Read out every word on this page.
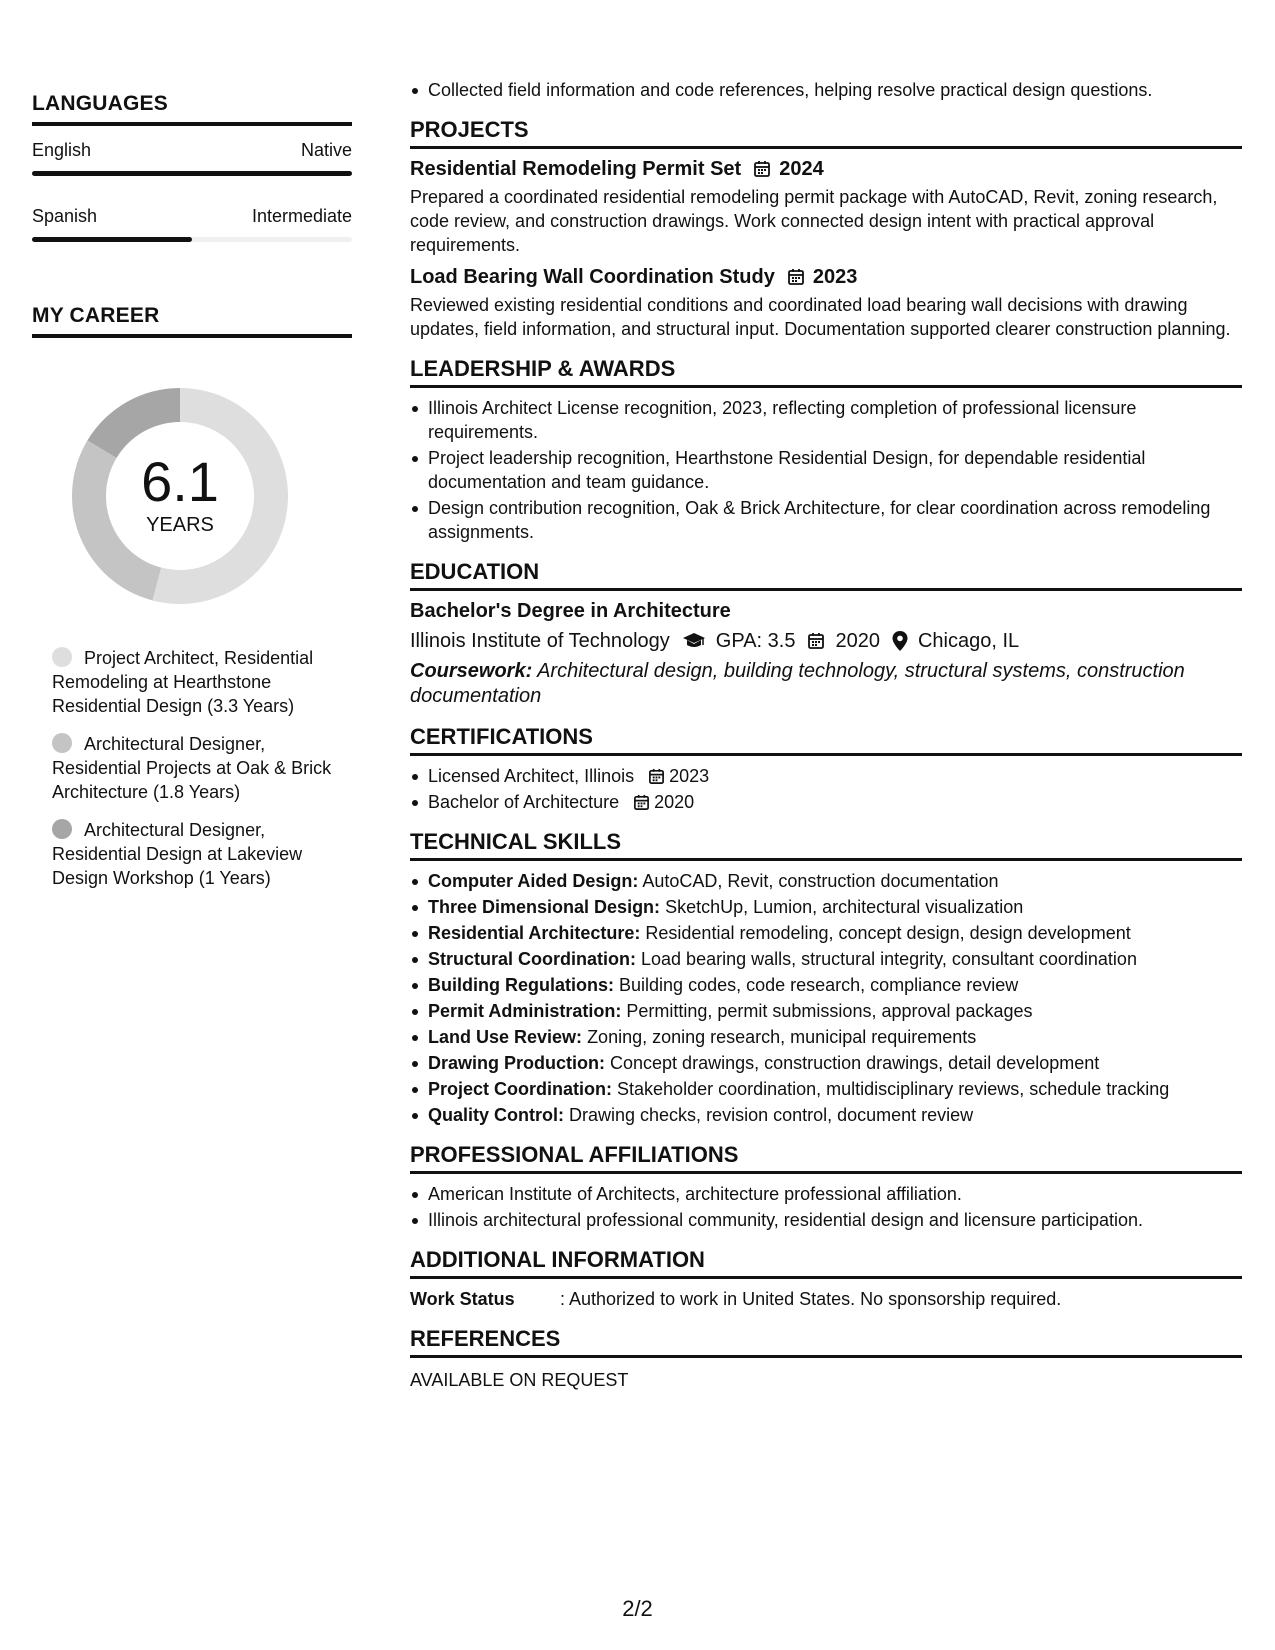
LANGUAGES
English	Native
Spanish	Intermediate
MY CAREER
6.1
YEARS
Project Architect, Residential Remodeling at Hearthstone Residential Design (3.3 Years)
Architectural Designer, Residential Projects at Oak & Brick Architecture (1.8 Years)
Architectural Designer, Residential Design at Lakeview Design Workshop (1 Years)
Collected field information and code references, helping resolve practical design questions.
PROJECTS
Residential Remodeling Permit Set 2024
Prepared a coordinated residential remodeling permit package with AutoCAD, Revit, zoning research, code review, and construction drawings. Work connected design intent with practical approval requirements.
Load Bearing Wall Coordination Study 2023
Reviewed existing residential conditions and coordinated load bearing wall decisions with drawing updates, field information, and structural input. Documentation supported clearer construction planning.
LEADERSHIP & AWARDS
Illinois Architect License recognition, 2023, reflecting completion of professional licensure requirements.
Project leadership recognition, Hearthstone Residential Design, for dependable residential documentation and team guidance.
Design contribution recognition, Oak & Brick Architecture, for clear coordination across remodeling assignments.
EDUCATION
Bachelor's Degree in Architecture
Illinois Institute of Technology GPA: 3.5 2020 Chicago, IL
Coursework: Architectural design, building technology, structural systems, construction documentation
CERTIFICATIONS
Licensed Architect, Illinois 2023
Bachelor of Architecture 2020
TECHNICAL SKILLS
Computer Aided Design: AutoCAD, Revit, construction documentation
Three Dimensional Design: SketchUp, Lumion, architectural visualization
Residential Architecture: Residential remodeling, concept design, design development
Structural Coordination: Load bearing walls, structural integrity, consultant coordination
Building Regulations: Building codes, code research, compliance review
Permit Administration: Permitting, permit submissions, approval packages
Land Use Review: Zoning, zoning research, municipal requirements
Drawing Production: Concept drawings, construction drawings, detail development
Project Coordination: Stakeholder coordination, multidisciplinary reviews, schedule tracking
Quality Control: Drawing checks, revision control, document review
PROFESSIONAL AFFILIATIONS
American Institute of Architects, architecture professional affiliation.
Illinois architectural professional community, residential design and licensure participation.
ADDITIONAL INFORMATION
Work Status	: Authorized to work in United States. No sponsorship required.
REFERENCES
AVAILABLE ON REQUEST
2/2
